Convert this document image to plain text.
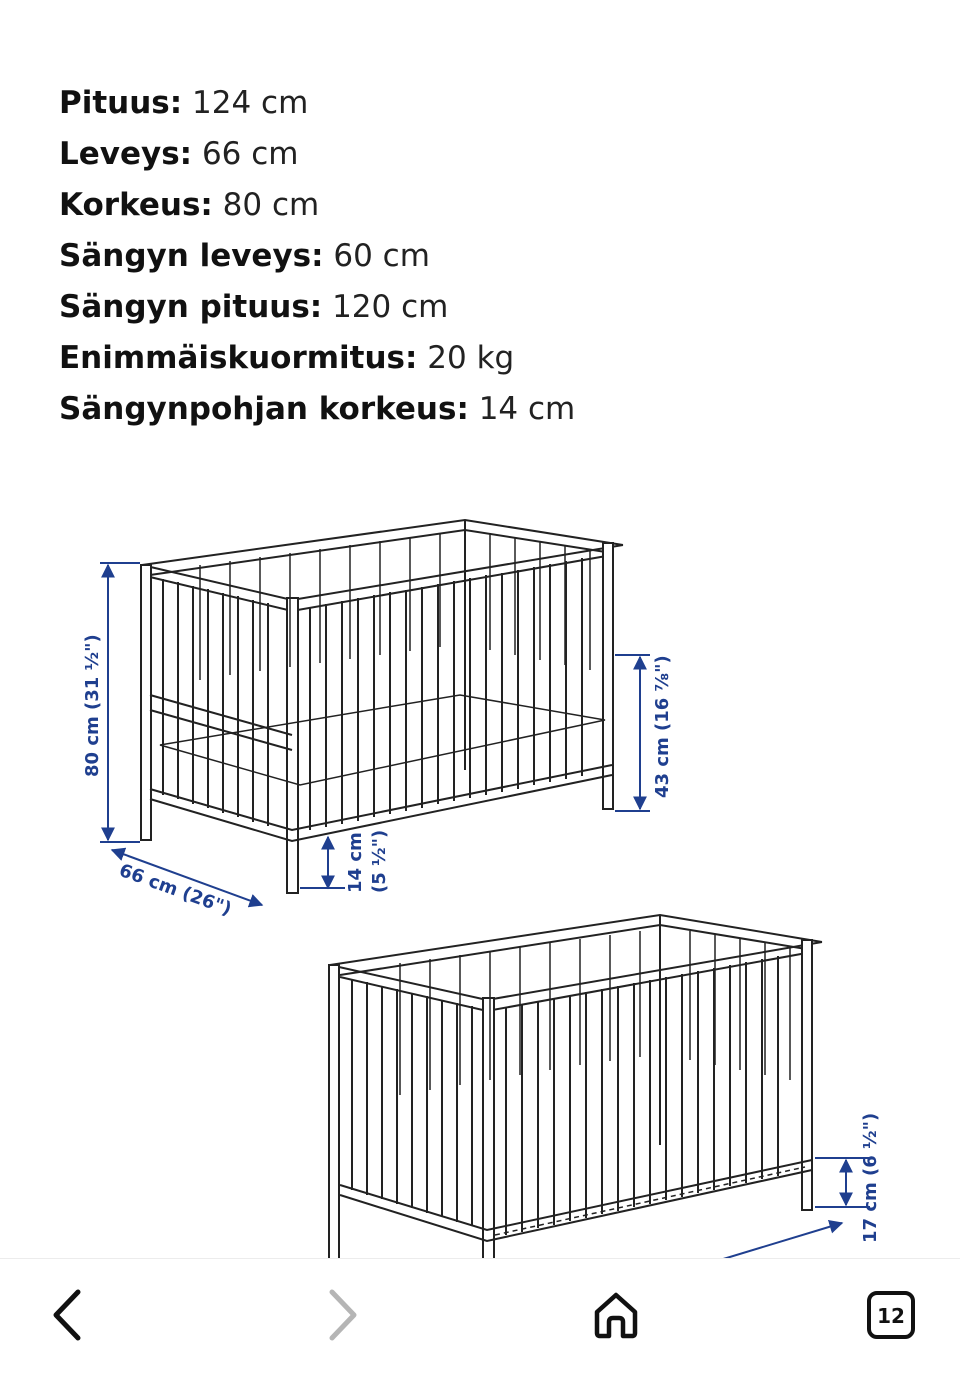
Pituus: 124 cm
Leveys: 66 cm
Korkeus: 80 cm
Sängyn leveys: 60 cm
Sängyn pituus: 120 cm
Enimmäiskuormitus: 20 kg
Sängynpohjan korkeus: 14 cm
80 cm (31 ½")
66 cm (26")	14 cm (5 ½")
43 cm (16 ⅞")
17 cm (6 ½")
12
